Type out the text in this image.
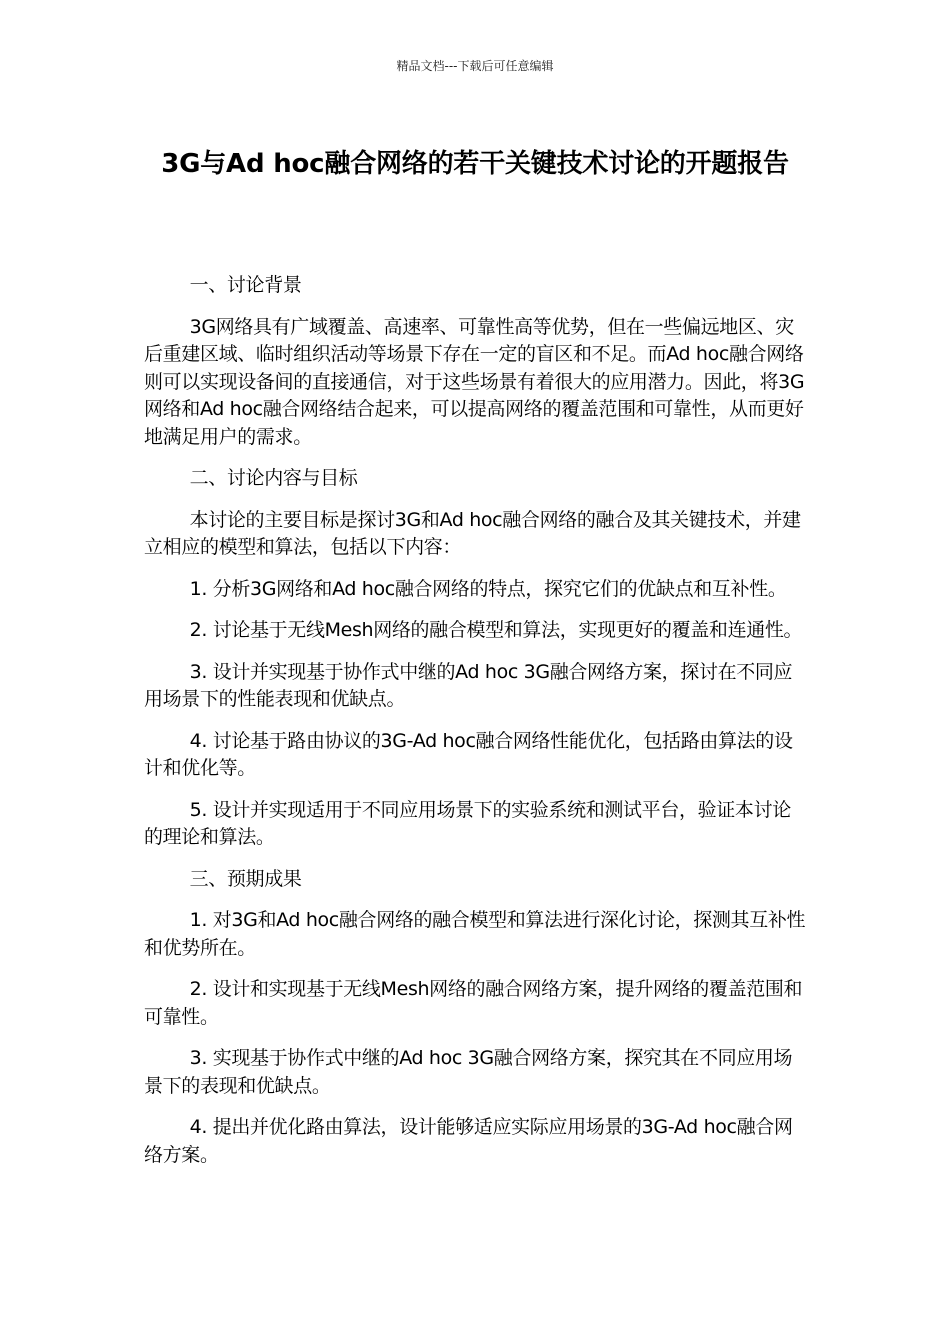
精品文档---下载后可任意编辑
3G与Ad hoc融合网络的若干关键技术讨论的开题报告

一、讨论背景

3G网络具有广域覆盖、高速率、可靠性高等优势，但在一些偏远地区、灾后重建区域、临时组织活动等场景下存在一定的盲区和不足。而Ad hoc融合网络则可以实现设备间的直接通信，对于这些场景有着很大的应用潜力。因此，将3G网络和Ad hoc融合网络结合起来，可以提高网络的覆盖范围和可靠性，从而更好地满足用户的需求。

二、讨论内容与目标

本讨论的主要目标是探讨3G和Ad hoc融合网络的融合及其关键技术，并建立相应的模型和算法，包括以下内容：

1. 分析3G网络和Ad hoc融合网络的特点，探究它们的优缺点和互补性。

2. 讨论基于无线Mesh网络的融合模型和算法，实现更好的覆盖和连通性。

3. 设计并实现基于协作式中继的Ad hoc 3G融合网络方案，探讨在不同应用场景下的性能表现和优缺点。

4. 讨论基于路由协议的3G-Ad hoc融合网络性能优化，包括路由算法的设计和优化等。

5. 设计并实现适用于不同应用场景下的实验系统和测试平台，验证本讨论的理论和算法。

三、预期成果

1. 对3G和Ad hoc融合网络的融合模型和算法进行深化讨论，探测其互补性和优势所在。

2. 设计和实现基于无线Mesh网络的融合网络方案，提升网络的覆盖范围和可靠性。

3. 实现基于协作式中继的Ad hoc 3G融合网络方案，探究其在不同应用场景下的表现和优缺点。

4. 提出并优化路由算法，设计能够适应实际应用场景的3G-Ad hoc融合网络方案。
